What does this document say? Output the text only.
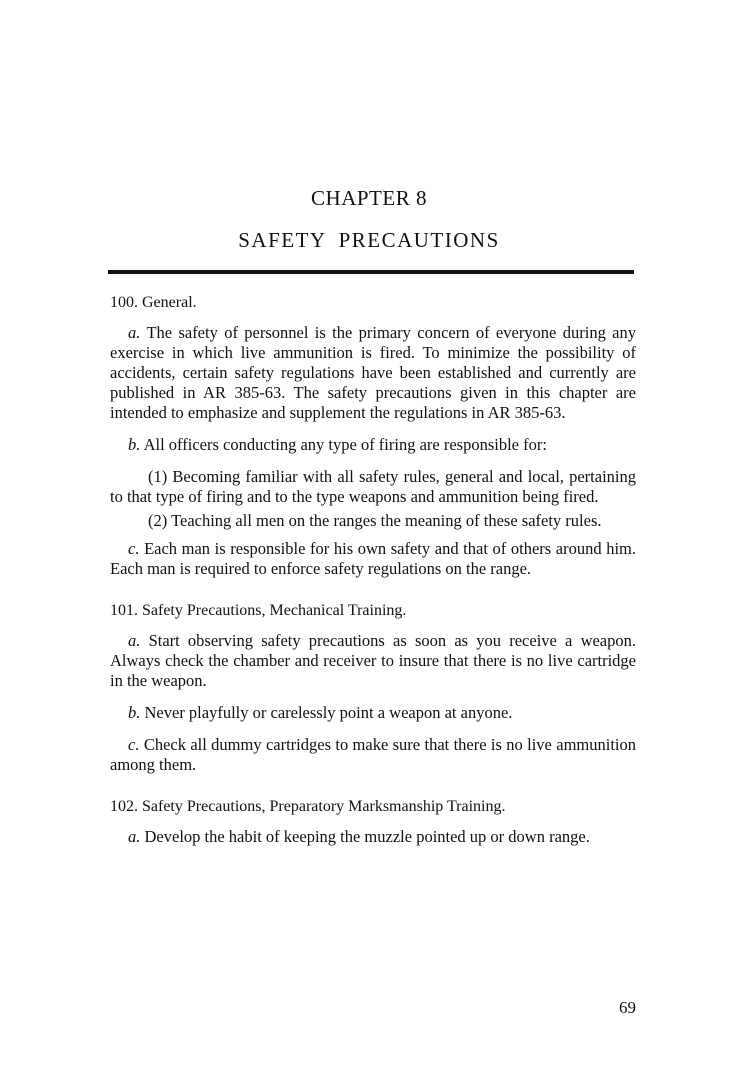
CHAPTER 8
SAFETY PRECAUTIONS
100. General.

a. The safety of personnel is the primary concern of everyone during any exercise in which live ammunition is fired. To minimize the possibility of accidents, certain safety regulations have been established and currently are published in AR 385-63. The safety precautions given in this chapter are intended to emphasize and supplement the regulations in AR 385-63.

b. All officers conducting any type of firing are responsible for:

(1) Becoming familiar with all safety rules, general and local, pertaining to that type of firing and to the type weapons and ammunition being fired.

(2) Teaching all men on the ranges the meaning of these safety rules.

c. Each man is responsible for his own safety and that of others around him. Each man is required to enforce safety regulations on the range.

101. Safety Precautions, Mechanical Training.

a. Start observing safety precautions as soon as you receive a weapon. Always check the chamber and receiver to insure that there is no live cartridge in the weapon.

b. Never playfully or carelessly point a weapon at anyone.

c. Check all dummy cartridges to make sure that there is no live ammunition among them.

102. Safety Precautions, Preparatory Marksmanship Training.

a. Develop the habit of keeping the muzzle pointed up or down range.

69
